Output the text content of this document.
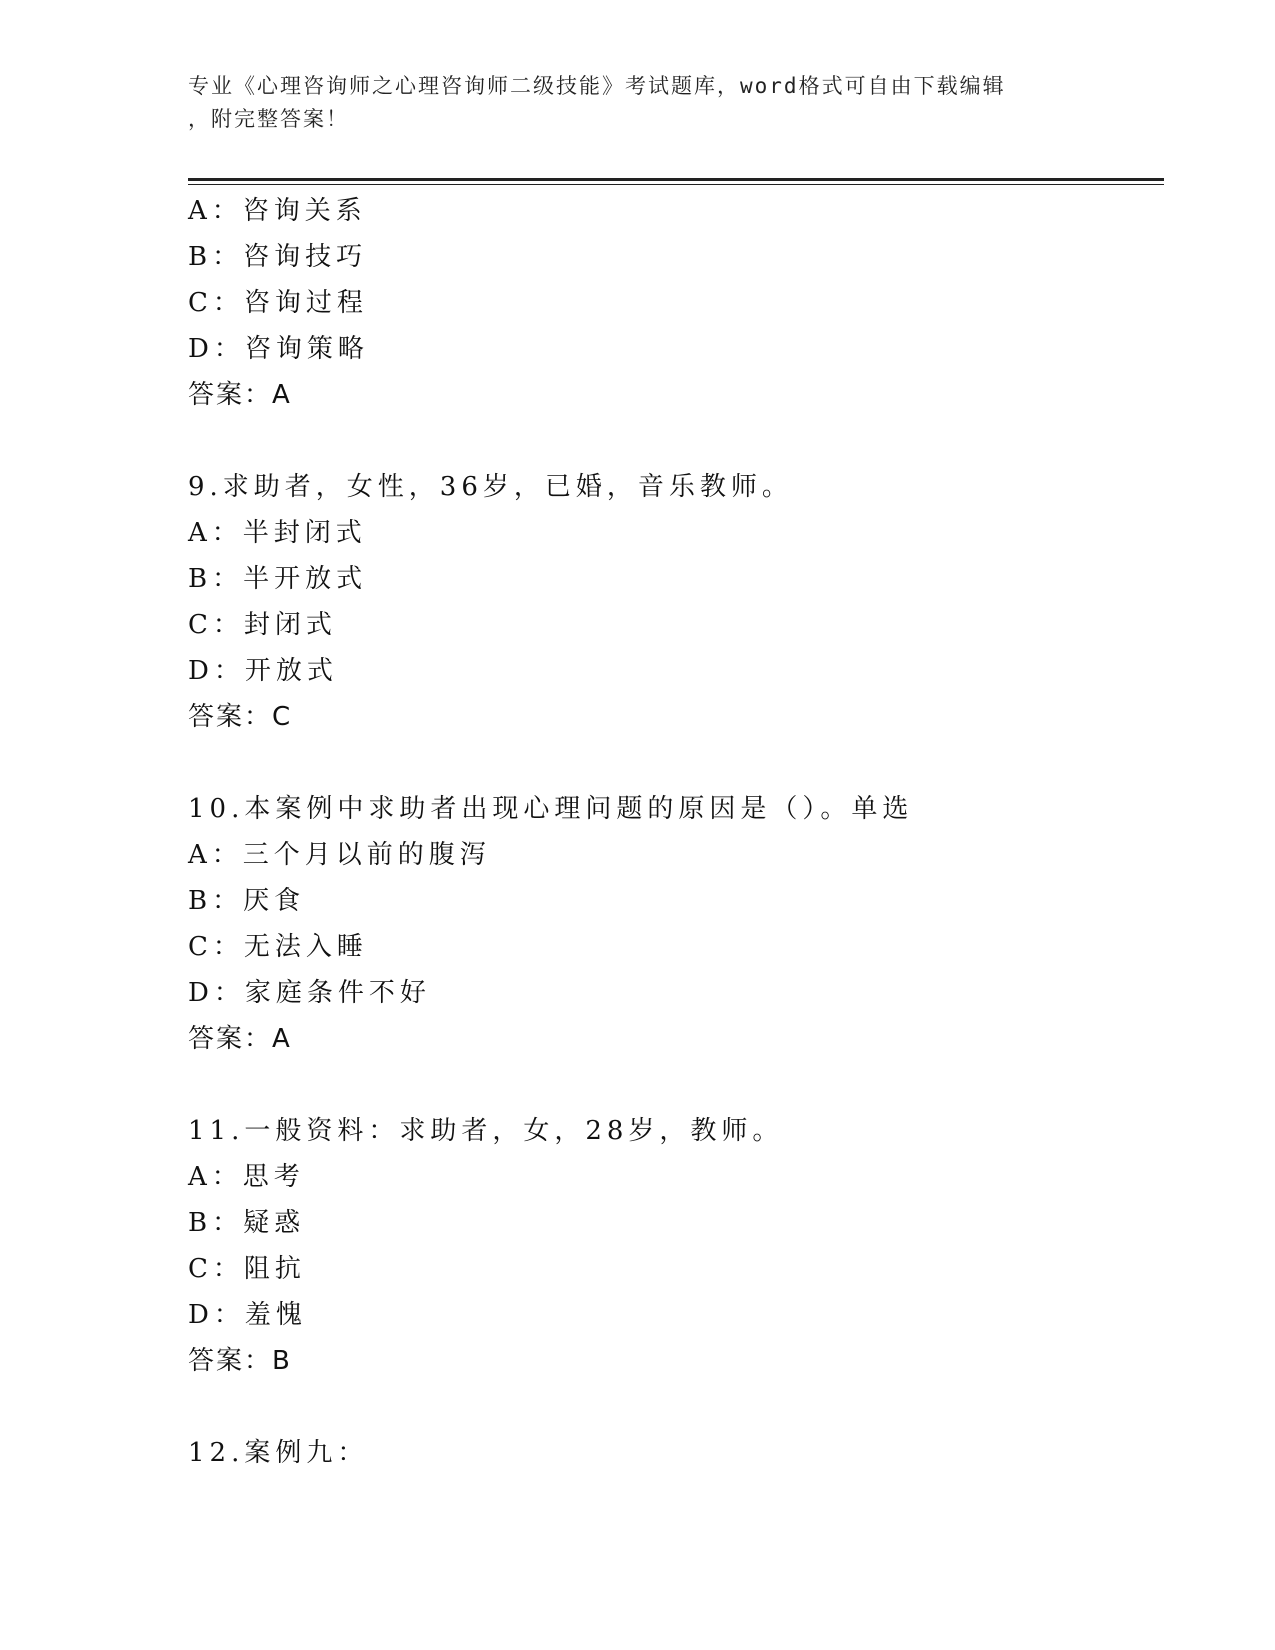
专业《心理咨询师之心理咨询师二级技能》考试题库，word格式可自由下载编辑
，附完整答案！
A：咨询关系
B：咨询技巧
C：咨询过程
D：咨询策略
答案：A
9.求助者，女性，36岁，已婚，音乐教师。
A：半封闭式
B：半开放式
C：封闭式
D：开放式
答案：C
10.本案例中求助者出现心理问题的原因是（）。单选
A：三个月以前的腹泻
B：厌食
C：无法入睡
D：家庭条件不好
答案：A
11.一般资料：求助者，女，28岁，教师。
A：思考
B：疑惑
C：阻抗
D：羞愧
答案：B
12.案例九：
